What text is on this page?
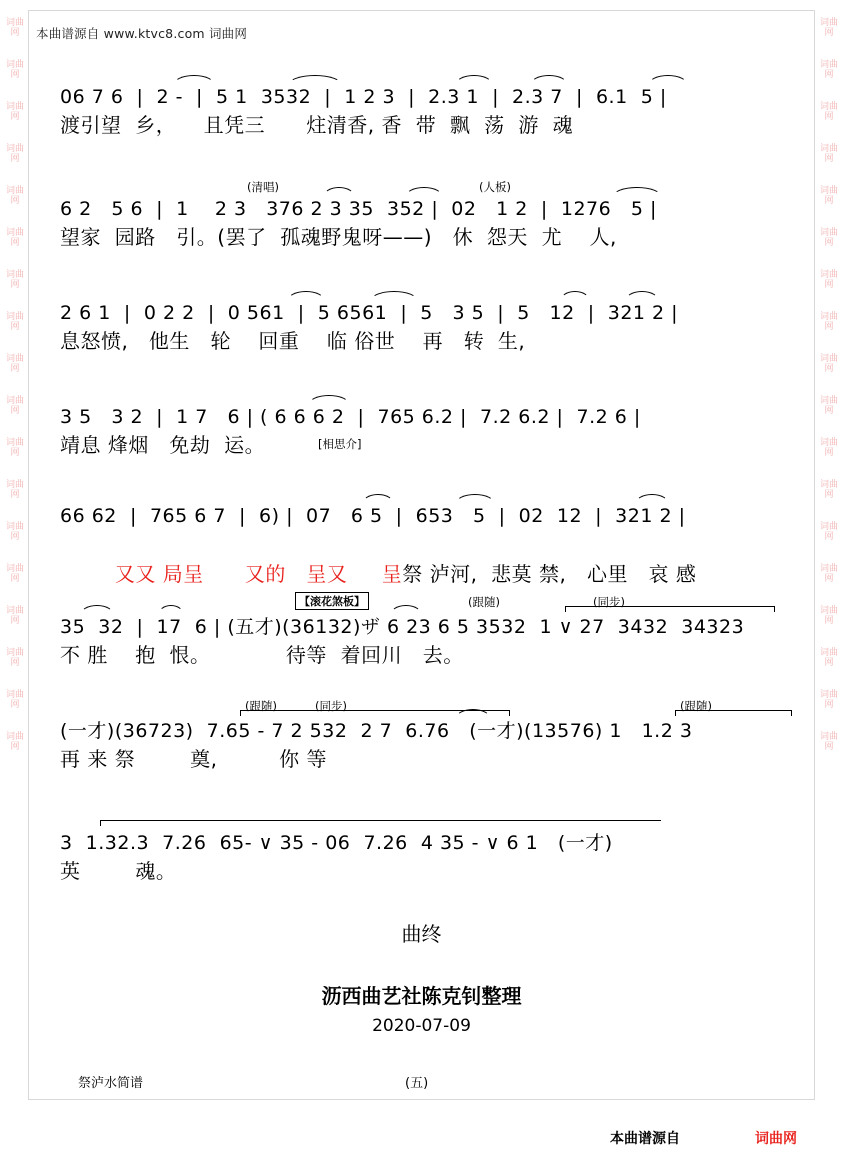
词曲
网
词曲
网
词曲
网
词曲
网
词曲
网
词曲
网
词曲
网
词曲
网
词曲
网
词曲
网
词曲
网
词曲
网
词曲
网
词曲
网
词曲
网
词曲
网
词曲
网
词曲
网
词曲
网
词曲
网
词曲
网
词曲
网
词曲
网
词曲
网
词曲
网
词曲
网
词曲
网
词曲
网
词曲
网
词曲
网
词曲
网
词曲
网
词曲
网
词曲
网
词曲
网
词曲
网
本曲谱源自 www.ktvc8.com 词曲网
06 7 6  |  2 -  |  5 1  3532  |  1 2 3  |  2.3 1  |  2.3 7  |  6.1  5 |
渡引望  乡，    且凭三      炷清香, 香  带  飘  荡  游  魂
(清唱)	(人板)
6 2   5 6  |  1    2 3   376 2 3 35  352 |  02   1 2  |  1276   5 |
望家  园路   引。(罢了  孤魂野鬼呀——)   休  怨天  尤    人,
2 6 1  |  0 2 2  |  0 561  |  5 6561  |  5   3 5  |  5   12  |  321 2 |
息怒愤,   他生   轮    回重    临 俗世    再   转  生,
3 5   3 2  |  1 7   6 | ( 6 6 6 2  |  765 6.2 |  7.2 6.2 |  7.2 6 |
靖息 烽烟   免劫  运。	[相思介]
66 62  |  765 6 7  |  6) |  07   6 5  |  653   5  |  02  12  |  321 2 |

又又 局呈      又的   呈又     呈祭 泸河,  悲莫 禁,   心里   哀 感

【滚花煞板】	(跟随)	(同步)
35  32  |  17  6 | (五才)(36132)ザ 6 23 6 5 3532  1 ∨ 27  3432  34323
不 胜    抱  恨。           待等  着回川   去。
(跟随)	(同步)	(跟随)
(一才)(36723)  7.65 - 7 2 532  2 7  6.76   (一才)(13576) 1   1.2 3
再 来 祭        奠,         你 等
3  1.32.3  7.26  65- ∨ 35 - 06  7.26  4 35 - ∨ 6 1   (一才)
英        魂。
曲终
沥西曲艺社陈克钊整理
2020-07-09
祭泸水简谱	(五)
本曲谱源自	词曲网
